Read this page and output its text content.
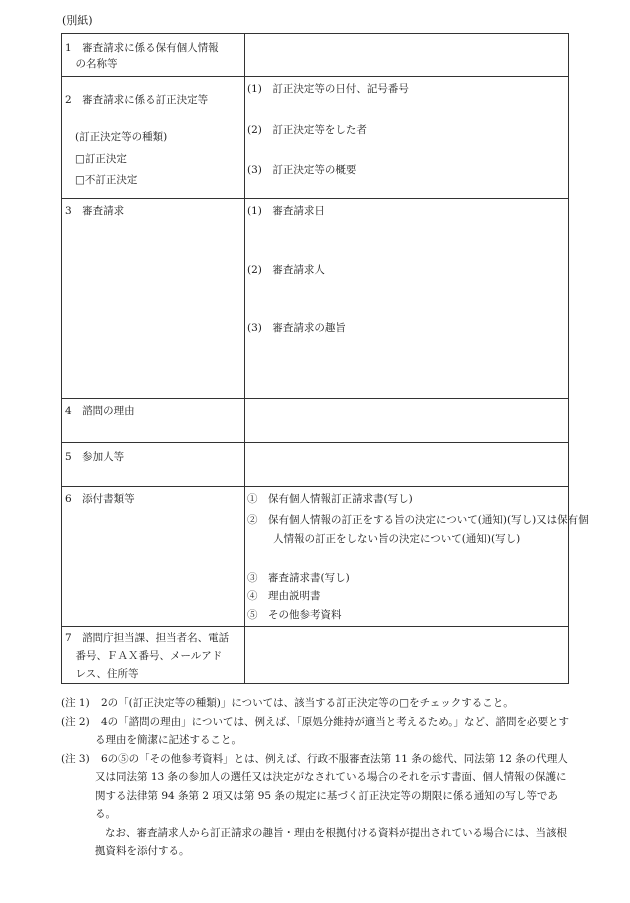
(別紙)
1　審査請求に係る保有個人情報
　の名称等	

2　審査請求に係る訂正決定等
(訂正決定等の種類)
□訂正決定
□不訂正決定	(1)　訂正決定等の日付、記号番号
(2)　訂正決定等をした者
(3)　訂正決定等の概要

3　審査請求	(1)　審査請求日
(2)　審査請求人
(3)　審査請求の趣旨

4　諮問の理由	

5　参加人等	

6　添付書類等	①　保有個人情報訂正請求書(写し)
②　保有個人情報の訂正をする旨の決定について(通知)(写し)又は保有個人情報の訂正をしない旨の決定について(通知)(写し)
③　審査請求書(写し)
④　理由説明書
⑤　その他参考資料

7　諮問庁担当課、担当者名、電話
　番号、ＦＡＸ番号、メールアド
　レス、住所等	

(注 1)	2の「(訂正決定等の種類)」については、該当する訂正決定等の□をチェックすること。
(注 2)	4の「諮問の理由」については、例えば、「原処分維持が適当と考えるため。」など、諮問を必要とする理由を簡潔に記述すること。
(注 3)	6の⑤の「その他参考資料」とは、例えば、行政不服審査法第 11 条の総代、同法第 12 条の代理人又は同法第 13 条の参加人の選任又は決定がなされている場合のそれを示す書面、個人情報の保護に関する法律第 94 条第 2 項又は第 95 条の規定に基づく訂正決定等の期限に係る通知の写し等である。
なお、審査請求人から訂正請求の趣旨・理由を根拠付ける資料が提出されている場合には、当該根拠資料を添付する。
